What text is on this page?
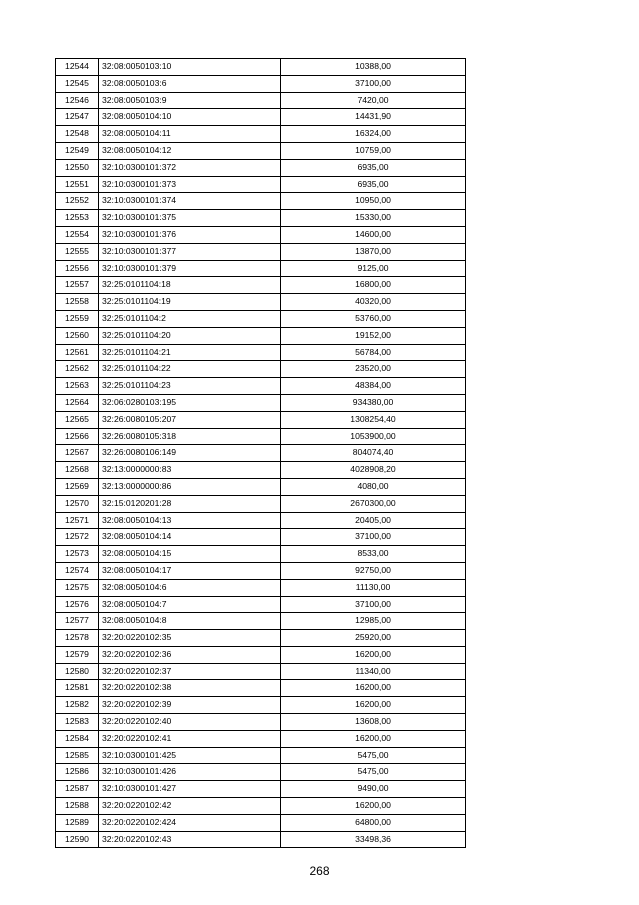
12544	32:08:0050103:10	10388,00
12545	32:08:0050103:6	37100,00
12546	32:08:0050103:9	7420,00
12547	32:08:0050104:10	14431,90
12548	32:08:0050104:11	16324,00
12549	32:08:0050104:12	10759,00
12550	32:10:0300101:372	6935,00
12551	32:10:0300101:373	6935,00
12552	32:10:0300101:374	10950,00
12553	32:10:0300101:375	15330,00
12554	32:10:0300101:376	14600,00
12555	32:10:0300101:377	13870,00
12556	32:10:0300101:379	9125,00
12557	32:25:0101104:18	16800,00
12558	32:25:0101104:19	40320,00
12559	32:25:0101104:2	53760,00
12560	32:25:0101104:20	19152,00
12561	32:25:0101104:21	56784,00
12562	32:25:0101104:22	23520,00
12563	32:25:0101104:23	48384,00
12564	32:06:0280103:195	934380,00
12565	32:26:0080105:207	1308254,40
12566	32:26:0080105:318	1053900,00
12567	32:26:0080106:149	804074,40
12568	32:13:0000000:83	4028908,20
12569	32:13:0000000:86	4080,00
12570	32:15:0120201:28	2670300,00
12571	32:08:0050104:13	20405,00
12572	32:08:0050104:14	37100,00
12573	32:08:0050104:15	8533,00
12574	32:08:0050104:17	92750,00
12575	32:08:0050104:6	11130,00
12576	32:08:0050104:7	37100,00
12577	32:08:0050104:8	12985,00
12578	32:20:0220102:35	25920,00
12579	32:20:0220102:36	16200,00
12580	32:20:0220102:37	11340,00
12581	32:20:0220102:38	16200,00
12582	32:20:0220102:39	16200,00
12583	32:20:0220102:40	13608,00
12584	32:20:0220102:41	16200,00
12585	32:10:0300101:425	5475,00
12586	32:10:0300101:426	5475,00
12587	32:10:0300101:427	9490,00
12588	32:20:0220102:42	16200,00
12589	32:20:0220102:424	64800,00
12590	32:20:0220102:43	33498,36
268
